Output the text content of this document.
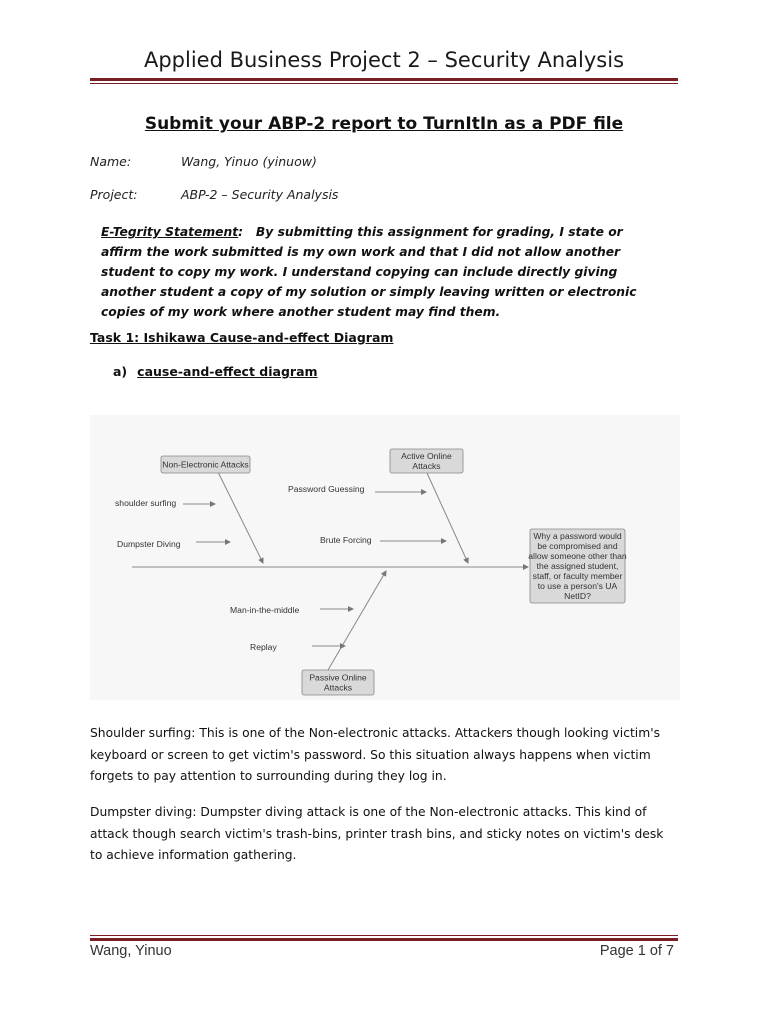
Applied Business Project 2 – Security Analysis
Submit your ABP-2 report to TurnItIn as a PDF file
Name:	Wang, Yinuo (yinuow)
Project:	ABP-2 – Security Analysis
E-Tegrity Statement: By submitting this assignment for grading, I state or affirm the work submitted is my own work and that I did not allow another student to copy my work. I understand copying can include directly giving another student a copy of my solution or simply leaving written or electronic copies of my work where another student may find them.
Task 1: Ishikawa Cause-and-effect Diagram
a) cause-and-effect diagram
Non-Electronic Attacks
Active Online
Attacks
Passive Online
Attacks
shoulder surfing
Dumpster Diving
Password Guessing
Brute Forcing
Man-in-the-middle
Replay
Why a password would
be compromised and
allow someone other than
the assigned student,
staff, or faculty member
to use a person's UA
NetID?
Shoulder surfing: This is one of the Non-electronic attacks. Attackers though looking victim's keyboard or screen to get victim's password. So this situation always happens when victim forgets to pay attention to surrounding during they log in.
Dumpster diving: Dumpster diving attack is one of the Non-electronic attacks. This kind of attack though search victim's trash-bins, printer trash bins, and sticky notes on victim's desk to achieve information gathering.
Wang, Yinuo	Page 1 of 7
